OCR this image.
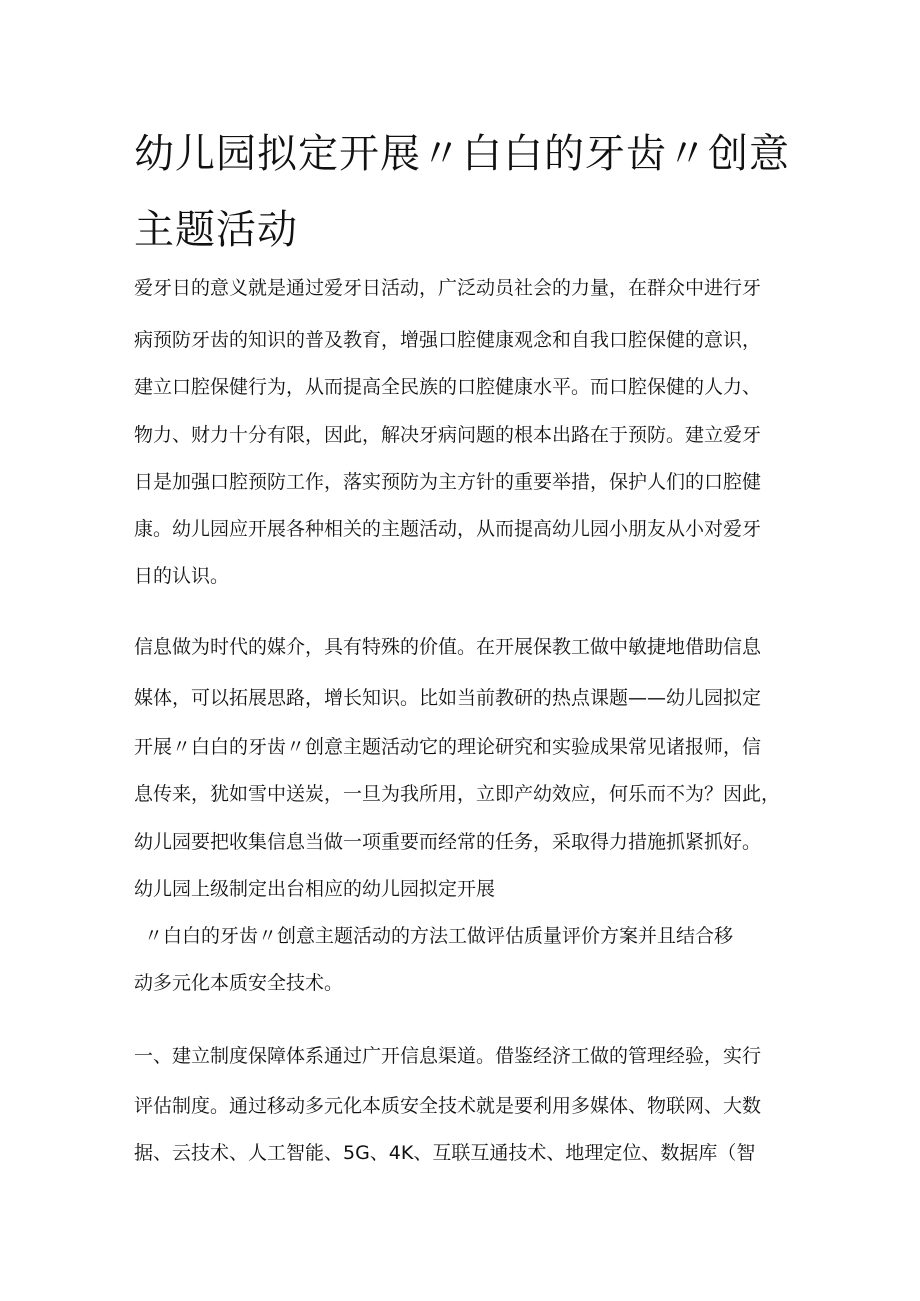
幼儿园拟定开展〃白白的牙齿〃创意
主题活动
爱牙日的意义就是通过爱牙日活动，广泛动员社会的力量，在群众中进行牙
病预防牙齿的知识的普及教育，增强口腔健康观念和自我口腔保健的意识，
建立口腔保健行为，从而提高全民族的口腔健康水平。而口腔保健的人力、
物力、财力十分有限，因此，解决牙病问题的根本出路在于预防。建立爱牙
日是加强口腔预防工作，落实预防为主方针的重要举措，保护人们的口腔健
康。幼儿园应开展各种相关的主题活动，从而提高幼儿园小朋友从小对爱牙
日的认识。
信息做为时代的媒介，具有特殊的价值。在开展保教工做中敏捷地借助信息
媒体，可以拓展思路，增长知识。比如当前教研的热点课题——幼儿园拟定
开展〃白白的牙齿〃创意主题活动它的理论研究和实验成果常见诸报师，信
息传来，犹如雪中送炭，一旦为我所用，立即产幼效应，何乐而不为？因此，
幼儿园要把收集信息当做一项重要而经常的任务，采取得力措施抓紧抓好。
幼儿园上级制定出台相应的幼儿园拟定开展
〃白白的牙齿〃创意主题活动的方法工做评估质量评价方案并且结合移
动多元化本质安全技术。
一、建立制度保障体系通过广开信息渠道。借鉴经济工做的管理经验，实行
评估制度。通过移动多元化本质安全技术就是要利用多媒体、物联网、大数
据、云技术、人工智能、5G、4K、互联互通技术、地理定位、数据库（智
